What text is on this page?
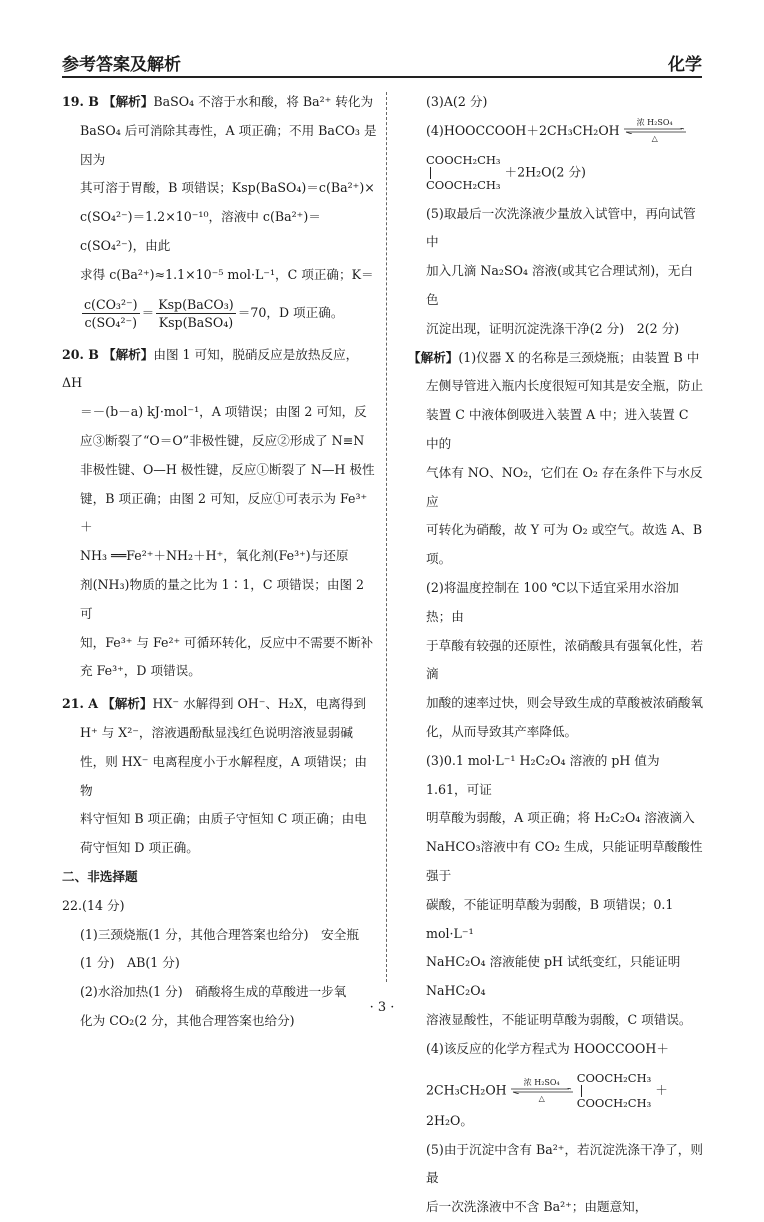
参考答案及解析	化学

19. B 【解析】BaSO₄ 不溶于水和酸，将 Ba²⁺ 转化为

BaSO₄ 后可消除其毒性，A 项正确；不用 BaCO₃ 是因为

其可溶于胃酸，B 项错误；Ksp(BaSO₄)＝c(Ba²⁺)×

c(SO₄²⁻)＝1.2×10⁻¹⁰，溶液中 c(Ba²⁺)＝c(SO₄²⁻)，由此

求得 c(Ba²⁺)≈1.1×10⁻⁵ mol·L⁻¹，C 项正确；K＝

$\frac{\text{c(CO₃²⁻)}}{\text{c(SO₄²⁻)}} = \frac{\text{Ksp(BaCO₃)}}{\text{Ksp(BaSO₄)}} =70$，D 项正确。

20. B 【解析】由图 1 可知，脱硝反应是放热反应，ΔH

＝－(b－a) kJ·mol⁻¹，A 项错误；由图 2 可知，反

应③断裂了“O＝O”非极性键，反应②形成了 N≡N

非极性键、O—H 极性键，反应①断裂了 N—H 极性

键，B 项正确；由图 2 可知，反应①可表示为 Fe³⁺＋

NH₃ ══Fe²⁺＋NH₂＋H⁺，氧化剂(Fe³⁺)与还原

剂(NH₃)物质的量之比为 1∶1，C 项错误；由图 2 可

知，Fe³⁺ 与 Fe²⁺ 可循环转化，反应中不需要不断补

充 Fe³⁺，D 项错误。

21. A 【解析】HX⁻ 水解得到 OH⁻、H₂X，电离得到

H⁺ 与 X²⁻，溶液遇酚酞显浅红色说明溶液显弱碱

性，则 HX⁻ 电离程度小于水解程度，A 项错误；由物

料守恒知 B 项正确；由质子守恒知 C 项正确；由电

荷守恒知 D 项正确。

二、非选择题

22.(14 分)

(1)三颈烧瓶(1 分，其他合理答案也给分)　安全瓶

(1 分)　AB(1 分)

(2)水浴加热(1 分)　硝酸将生成的草酸进一步氧

化为 CO₂(2 分，其他合理答案也给分)

(3)A(2 分)

(4)HOOCCOOH＋2CH₃CH₂OH	浓 H₂SO₄
△

COOCH₂CH₃
COOCH₂CH₃ ＋2H₂O(2 分)

(5)取最后一次洗涤液少量放入试管中，再向试管中

加入几滴 Na₂SO₄ 溶液(或其它合理试剂)，无白色

沉淀出现，证明沉淀洗涤干净(2 分)　2(2 分)

【解析】(1)仪器 X 的名称是三颈烧瓶；由装置 B 中

左侧导管进入瓶内长度很短可知其是安全瓶，防止

装置 C 中液体倒吸进入装置 A 中；进入装置 C 中的

气体有 NO、NO₂，它们在 O₂ 存在条件下与水反应

可转化为硝酸，故 Y 可为 O₂ 或空气。故选 A、B 项。

(2)将温度控制在 100 ℃以下适宜采用水浴加热；由

于草酸有较强的还原性，浓硝酸具有强氧化性，若滴

加酸的速率过快，则会导致生成的草酸被浓硝酸氧

化，从而导致其产率降低。

(3)0.1 mol·L⁻¹ H₂C₂O₄ 溶液的 pH 值为 1.61，可证

明草酸为弱酸，A 项正确；将 H₂C₂O₄ 溶液滴入

NaHCO₃溶液中有 CO₂ 生成，只能证明草酸酸性强于

碳酸，不能证明草酸为弱酸，B 项错误；0.1 mol·L⁻¹

NaHC₂O₄ 溶液能使 pH 试纸变红，只能证明 NaHC₂O₄

溶液显酸性，不能证明草酸为弱酸，C 项错误。

(4)该反应的化学方程式为 HOOCCOOH＋

2CH₃CH₂OH	浓 H₂SO₄
△
COOCH₂CH₃
COOCH₂CH₃ ＋2H₂O。

(5)由于沉淀中含有 Ba²⁺，若沉淀洗涤干净了，则最

后一次洗涤液中不含 Ba²⁺；由题意知，

· 3 ·
